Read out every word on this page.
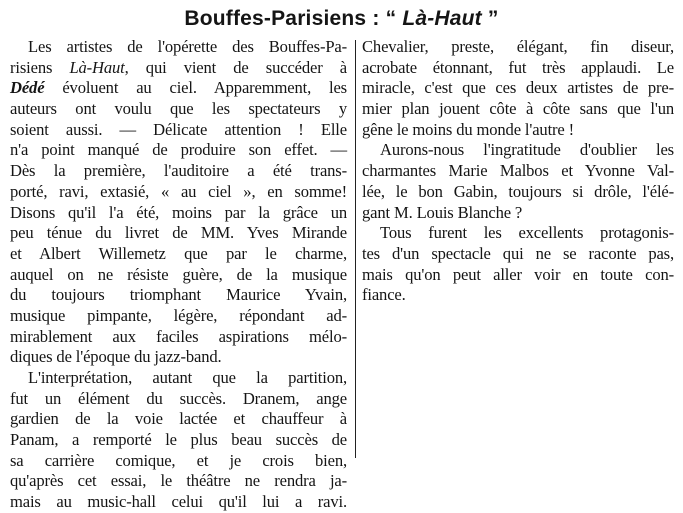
Bouffes-Parisiens : “ Là-Haut ”
Les artistes de l'opérette des Bouffes-Pa-
risiens Là-Haut, qui vient de succéder à
Dédé évoluent au ciel. Apparemment, les
auteurs ont voulu que les spectateurs y
soient aussi. — Délicate attention ! Elle
n'a point manqué de produire son effet. —
Dès la première, l'auditoire a été trans-
porté, ravi, extasié, « au ciel », en somme!
Disons qu'il l'a été, moins par la grâce un
peu ténue du livret de MM. Yves Mirande
et Albert Willemetz que par le charme,
auquel on ne résiste guère, de la musique
du toujours triomphant Maurice Yvain,
musique pimpante, légère, répondant ad-
mirablement aux faciles aspirations mélo-
diques de l'époque du jazz-band.
L'interprétation, autant que la partition,
fut un élément du succès. Dranem, ange
gardien de la voie lactée et chauffeur à
Panam, a remporté le plus beau succès de
sa carrière comique, et je crois bien,
qu'après cet essai, le théâtre ne rendra ja-
mais au music-hall celui qu'il lui a ravi.
Chevalier, preste, élégant, fin diseur,
acrobate étonnant, fut très applaudi. Le
miracle, c'est que ces deux artistes de pre-
mier plan jouent côte à côte sans que l'un
gêne le moins du monde l'autre !
Aurons-nous l'ingratitude d'oublier les
charmantes Marie Malbos et Yvonne Val-
lée, le bon Gabin, toujours si drôle, l'élé-
gant M. Louis Blanche ?
Tous furent les excellents protagonis-
tes d'un spectacle qui ne se raconte pas,
mais qu'on peut aller voir en toute con-
fiance.
